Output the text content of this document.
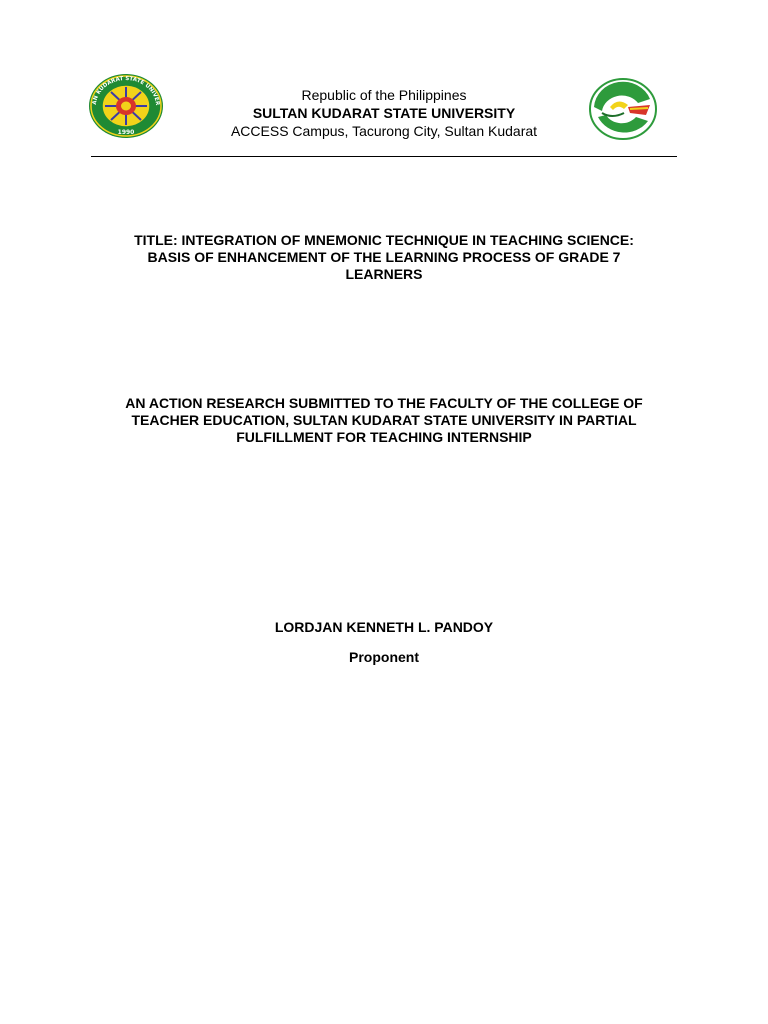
AN KUDARAT STATE UNIVER
1990
Republic of the Philippines
SULTAN KUDARAT STATE UNIVERSITY
ACCESS Campus, Tacurong City, Sultan Kudarat
TITLE: INTEGRATION OF MNEMONIC TECHNIQUE IN TEACHING SCIENCE:
BASIS OF ENHANCEMENT OF THE LEARNING PROCESS OF GRADE 7
LEARNERS
AN ACTION RESEARCH SUBMITTED TO THE FACULTY OF THE COLLEGE OF
TEACHER EDUCATION, SULTAN KUDARAT STATE UNIVERSITY IN PARTIAL
FULFILLMENT FOR TEACHING INTERNSHIP
LORDJAN KENNETH L. PANDOY
Proponent
